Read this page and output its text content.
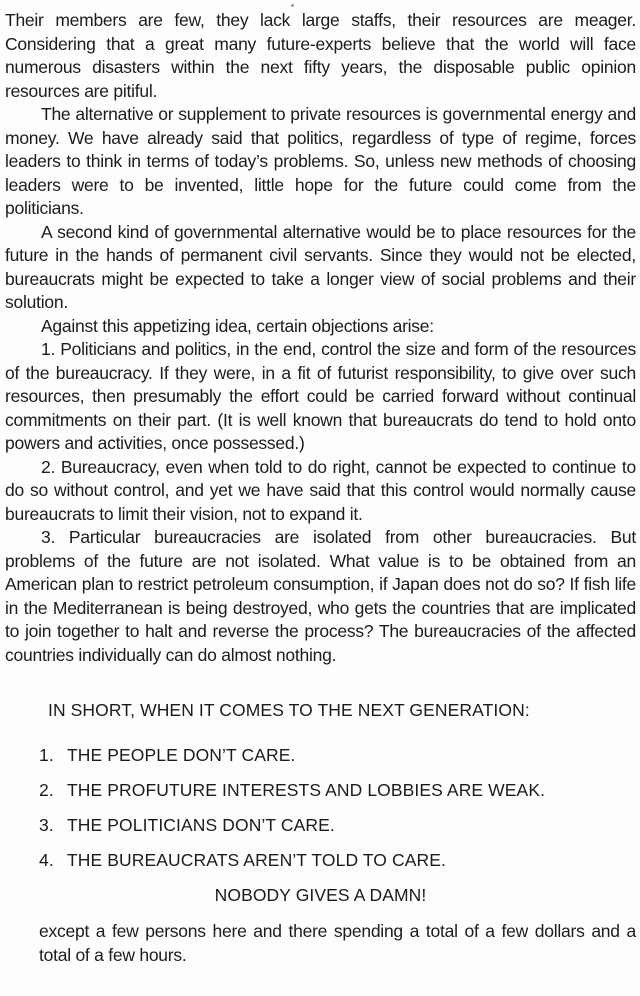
Their members are few, they lack large staffs, their resources are meager. Considering that a great many future-experts believe that the world will face numerous disasters within the next fifty years, the disposable public opinion resources are pitiful.

The alternative or supplement to private resources is governmental energy and money. We have already said that politics, regardless of type of regime, forces leaders to think in terms of today’s problems. So, unless new methods of choosing leaders were to be invented, little hope for the future could come from the politicians.

A second kind of governmental alternative would be to place resources for the future in the hands of permanent civil servants. Since they would not be elected, bureaucrats might be expected to take a longer view of social problems and their solution.

Against this appetizing idea, certain objections arise:

1. Politicians and politics, in the end, control the size and form of the resources of the bureaucracy. If they were, in a fit of futurist responsibility, to give over such resources, then presumably the effort could be carried forward without continual commitments on their part. (It is well known that bureaucrats do tend to hold onto powers and activities, once possessed.)

2. Bureaucracy, even when told to do right, cannot be expected to continue to do so without control, and yet we have said that this control would normally cause bureaucrats to limit their vision, not to expand it.

3. Particular bureaucracies are isolated from other bureaucracies. But problems of the future are not isolated. What value is to be obtained from an American plan to restrict petroleum consumption, if Japan does not do so? If fish life in the Mediterranean is being destroyed, who gets the countries that are implicated to join together to halt and reverse the process? The bureaucracies of the affected countries individually can do almost nothing.

IN SHORT, WHEN IT COMES TO THE NEXT GENERATION:
1. THE PEOPLE DON’T CARE.
2. THE PROFUTURE INTERESTS AND LOBBIES ARE WEAK.
3. THE POLITICIANS DON’T CARE.
4. THE BUREAUCRATS AREN’T TOLD TO CARE.
NOBODY GIVES A DAMN!

except a few persons here and there spending a total of a few dollars and a total of a few hours.
